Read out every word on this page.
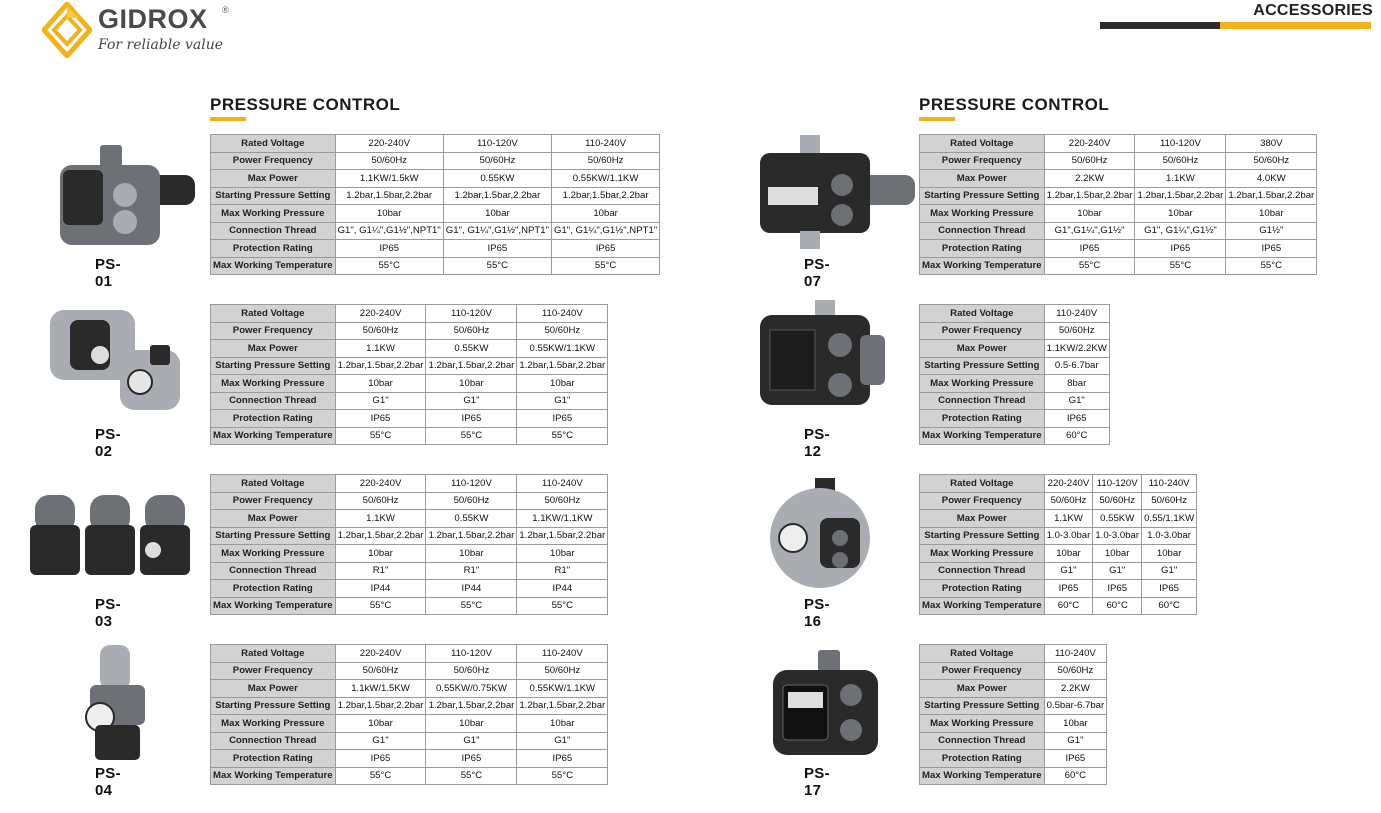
GIDROX ®
For reliable value
ACCESSORIES
PRESSURE CONTROL	PRESSURE CONTROL
PS-01
Rated Voltage	220-240V	110-120V	110-240V
Power Frequency	50/60Hz	50/60Hz	50/60Hz
Max Power	1.1KW/1.5kW	0.55KW	0.55KW/1.1KW
Starting Pressure Setting	1.2bar,1.5bar,2.2bar	1.2bar,1.5bar,2.2bar	1.2bar,1.5bar,2.2bar
Max Working Pressure	10bar	10bar	10bar
Connection Thread	G1", G1¼",G1½",NPT1"	G1", G1¼",G1½",NPT1"	G1", G1¼",G1½",NPT1"
Protection Rating	IP65	IP65	IP65
Max Working Temperature	55°C	55°C	55°C
PS-02
Rated Voltage	220-240V	110-120V	110-240V
Power Frequency	50/60Hz	50/60Hz	50/60Hz
Max Power	1.1KW	0.55KW	0.55KW/1.1KW
Starting Pressure Setting	1.2bar,1.5bar,2.2bar	1.2bar,1.5bar,2.2bar	1.2bar,1.5bar,2.2bar
Max Working Pressure	10bar	10bar	10bar
Connection Thread	G1"	G1"	G1"
Protection Rating	IP65	IP65	IP65
Max Working Temperature	55°C	55°C	55°C
PS-03
Rated Voltage	220-240V	110-120V	110-240V
Power Frequency	50/60Hz	50/60Hz	50/60Hz
Max Power	1.1KW	0.55KW	1.1KW/1.1KW
Starting Pressure Setting	1.2bar,1.5bar,2.2bar	1.2bar,1.5bar,2.2bar	1.2bar,1.5bar,2.2bar
Max Working Pressure	10bar	10bar	10bar
Connection Thread	R1"	R1"	R1"
Protection Rating	IP44	IP44	IP44
Max Working Temperature	55°C	55°C	55°C
PS-04
Rated Voltage	220-240V	110-120V	110-240V
Power Frequency	50/60Hz	50/60Hz	50/60Hz
Max Power	1.1kW/1.5KW	0.55KW/0.75KW	0.55KW/1.1KW
Starting Pressure Setting	1.2bar,1.5bar,2.2bar	1.2bar,1.5bar,2.2bar	1.2bar,1.5bar,2.2bar
Max Working Pressure	10bar	10bar	10bar
Connection Thread	G1"	G1"	G1"
Protection Rating	IP65	IP65	IP65
Max Working Temperature	55°C	55°C	55°C
PS-07
Rated Voltage	220-240V	110-120V	380V
Power Frequency	50/60Hz	50/60Hz	50/60Hz
Max Power	2.2KW	1.1KW	4.0KW
Starting Pressure Setting	1.2bar,1.5bar,2.2bar	1.2bar,1.5bar,2.2bar	1.2bar,1.5bar,2.2bar
Max Working Pressure	10bar	10bar	10bar
Connection Thread	G1",G1¼",G1½"	G1", G1¼",G1½"	G1½"
Protection Rating	IP65	IP65	IP65
Max Working Temperature	55°C	55°C	55°C
PS-12
Rated Voltage	110-240V
Power Frequency	50/60Hz
Max Power	1.1KW/2.2KW
Starting Pressure Setting	0.5-6.7bar
Max Working Pressure	8bar
Connection Thread	G1"
Protection Rating	IP65
Max Working Temperature	60°C
PS-16
Rated Voltage	220-240V	110-120V	110-240V
Power Frequency	50/60Hz	50/60Hz	50/60Hz
Max Power	1.1KW	0.55KW	0.55/1.1KW
Starting Pressure Setting	1.0-3.0bar	1.0-3.0bar	1.0-3.0bar
Max Working Pressure	10bar	10bar	10bar
Connection Thread	G1"	G1"	G1"
Protection Rating	IP65	IP65	IP65
Max Working Temperature	60°C	60°C	60°C
PS-17
Rated Voltage	110-240V
Power Frequency	50/60Hz
Max Power	2.2KW
Starting Pressure Setting	0.5bar-6.7bar
Max Working Pressure	10bar
Connection Thread	G1"
Protection Rating	IP65
Max Working Temperature	60°C
